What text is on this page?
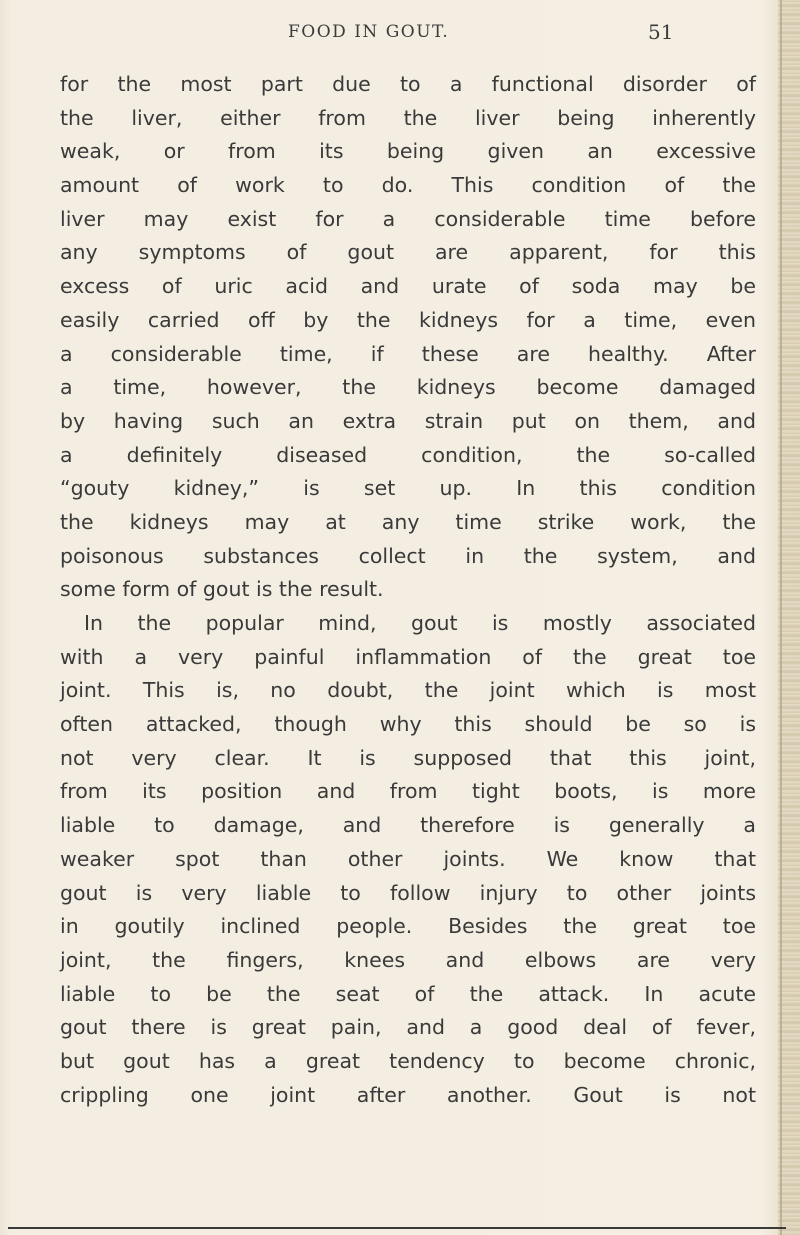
FOOD IN GOUT.	51
for the most part due to a functional disorder of
the liver, either from the liver being inherently
weak, or from its being given an excessive
amount of work to do. This condition of the
liver may exist for a considerable time before
any symptoms of gout are apparent, for this
excess of uric acid and urate of soda may be
easily carried off by the kidneys for a time, even
a considerable time, if these are healthy. After
a time, however, the kidneys become damaged
by having such an extra strain put on them, and
a definitely diseased condition, the so-called
“gouty kidney,” is set up. In this condition
the kidneys may at any time strike work, the
poisonous substances collect in the system, and
some form of gout is the result.
In the popular mind, gout is mostly associated
with a very painful inflammation of the great toe
joint. This is, no doubt, the joint which is most
often attacked, though why this should be so is
not very clear. It is supposed that this joint,
from its position and from tight boots, is more
liable to damage, and therefore is generally a
weaker spot than other joints. We know that
gout is very liable to follow injury to other joints
in goutily inclined people. Besides the great toe
joint, the fingers, knees and elbows are very
liable to be the seat of the attack. In acute
gout there is great pain, and a good deal of fever,
but gout has a great tendency to become chronic,
crippling one joint after another. Gout is not
